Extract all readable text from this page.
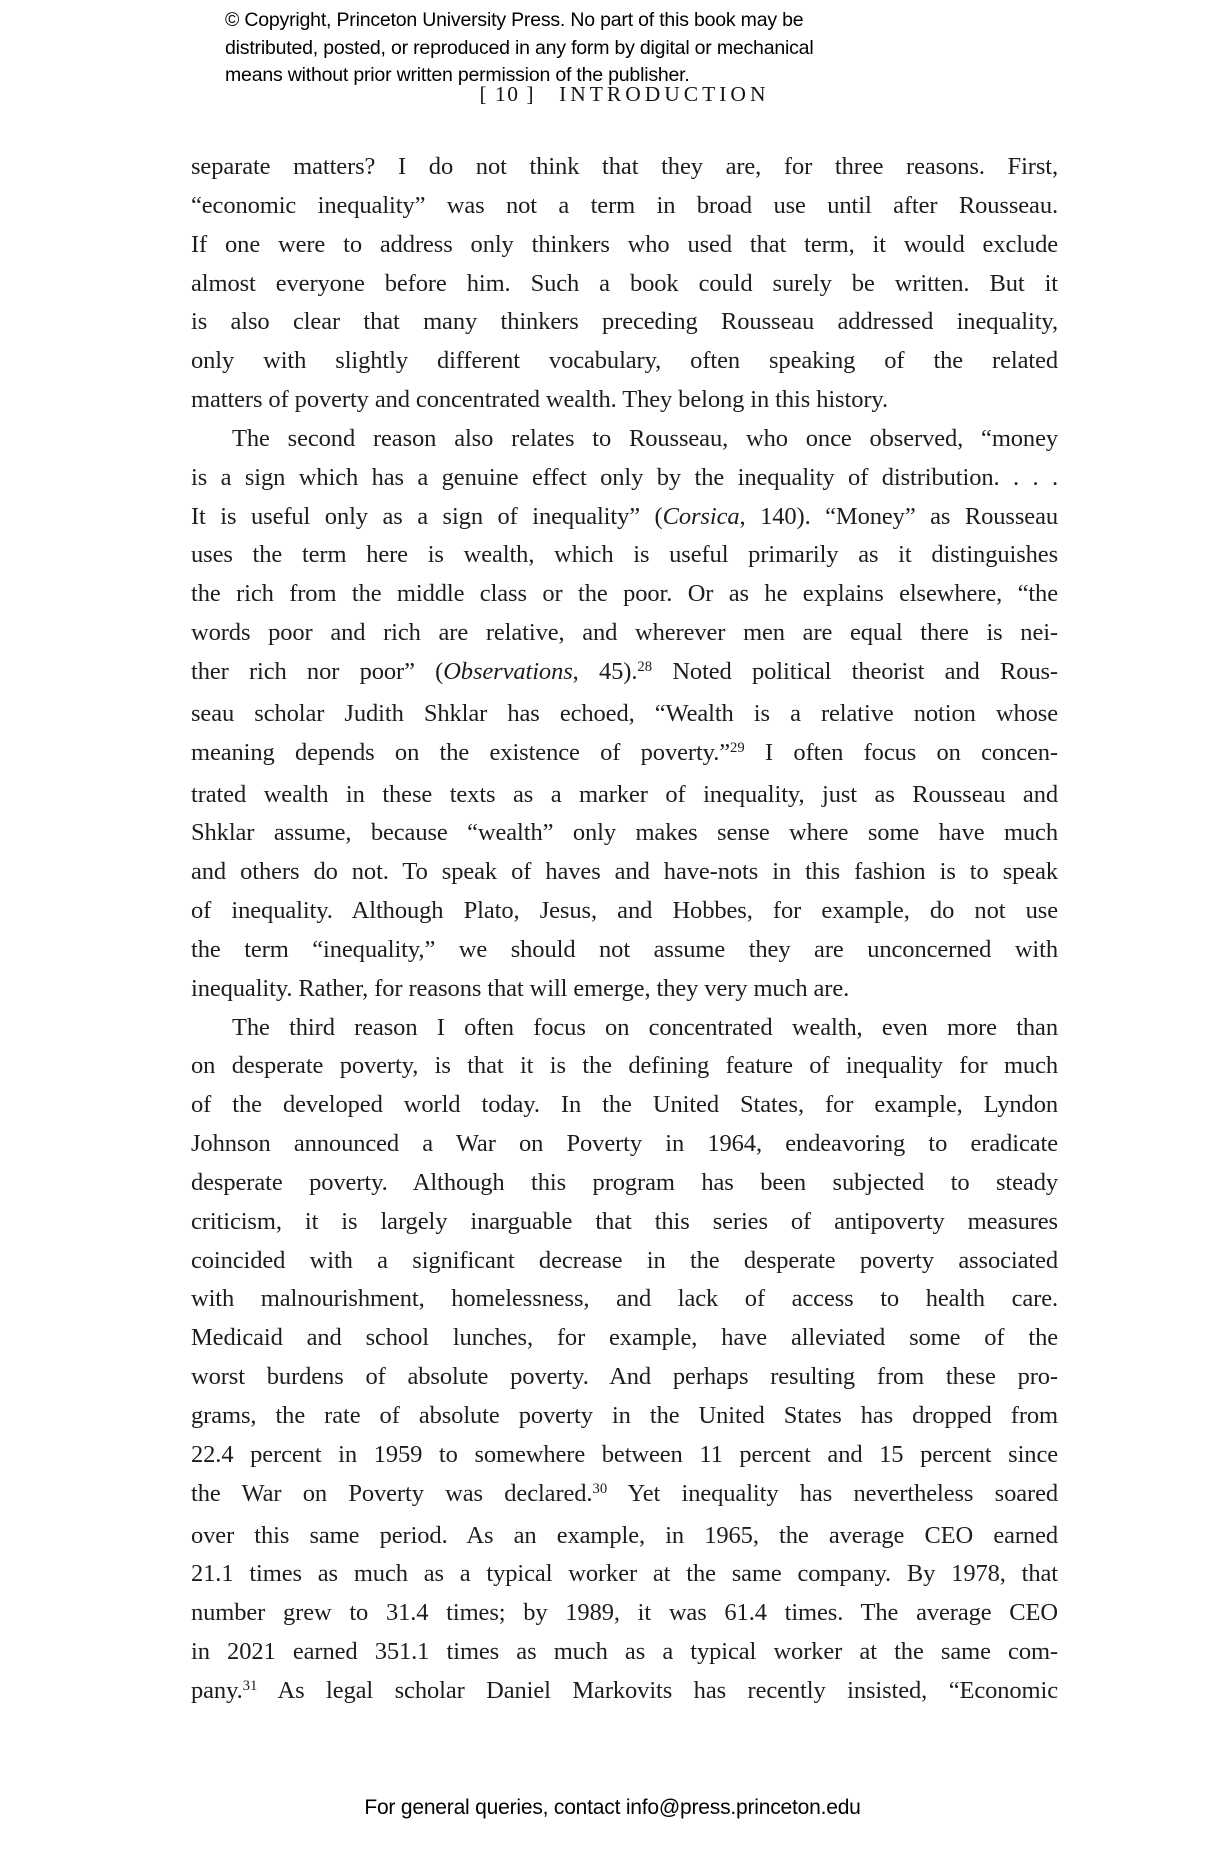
© Copyright, Princeton University Press. No part of this book may be
distributed, posted, or reproduced in any form by digital or mechanical
means without prior written permission of the publisher.
[ 10 ] INTRODUCTION
separate matters? I do not think that they are, for three reasons. First,
“economic inequality” was not a term in broad use until after Rousseau.
If one were to address only thinkers who used that term, it would exclude
almost everyone before him. Such a book could surely be written. But it
is also clear that many thinkers preceding Rousseau addressed inequality,
only with slightly different vocabulary, often speaking of the related
matters of poverty and concentrated wealth. They belong in this history.
The second reason also relates to Rousseau, who once observed, “money
is a sign which has a genuine effect only by the inequality of distribution. . . .
It is useful only as a sign of inequality” (Corsica, 140). “Money” as Rousseau
uses the term here is wealth, which is useful primarily as it distinguishes
the rich from the middle class or the poor. Or as he explains elsewhere, “the
words poor and rich are relative, and wherever men are equal there is nei-
ther rich nor poor” (Observations, 45).$^{28}$ Noted political theorist and Rous-
seau scholar Judith Shklar has echoed, “Wealth is a relative notion whose
meaning depends on the existence of poverty.”$^{29}$ I often focus on concen-
trated wealth in these texts as a marker of inequality, just as Rousseau and
Shklar assume, because “wealth” only makes sense where some have much
and others do not. To speak of haves and have-nots in this fashion is to speak
of inequality. Although Plato, Jesus, and Hobbes, for example, do not use
the term “inequality,” we should not assume they are unconcerned with
inequality. Rather, for reasons that will emerge, they very much are.
The third reason I often focus on concentrated wealth, even more than
on desperate poverty, is that it is the defining feature of inequality for much
of the developed world today. In the United States, for example, Lyndon
Johnson announced a War on Poverty in 1964, endeavoring to eradicate
desperate poverty. Although this program has been subjected to steady
criticism, it is largely inarguable that this series of antipoverty measures
coincided with a significant decrease in the desperate poverty associated
with malnourishment, homelessness, and lack of access to health care.
Medicaid and school lunches, for example, have alleviated some of the
worst burdens of absolute poverty. And perhaps resulting from these pro-
grams, the rate of absolute poverty in the United States has dropped from
22.4 percent in 1959 to somewhere between 11 percent and 15 percent since
the War on Poverty was declared.$^{30}$ Yet inequality has nevertheless soared
over this same period. As an example, in 1965, the average CEO earned
21.1 times as much as a typical worker at the same company. By 1978, that
number grew to 31.4 times; by 1989, it was 61.4 times. The average CEO
in 2021 earned 351.1 times as much as a typical worker at the same com-
pany.$^{31}$ As legal scholar Daniel Markovits has recently insisted, “Economic
For general queries, contact info@press.princeton.edu
